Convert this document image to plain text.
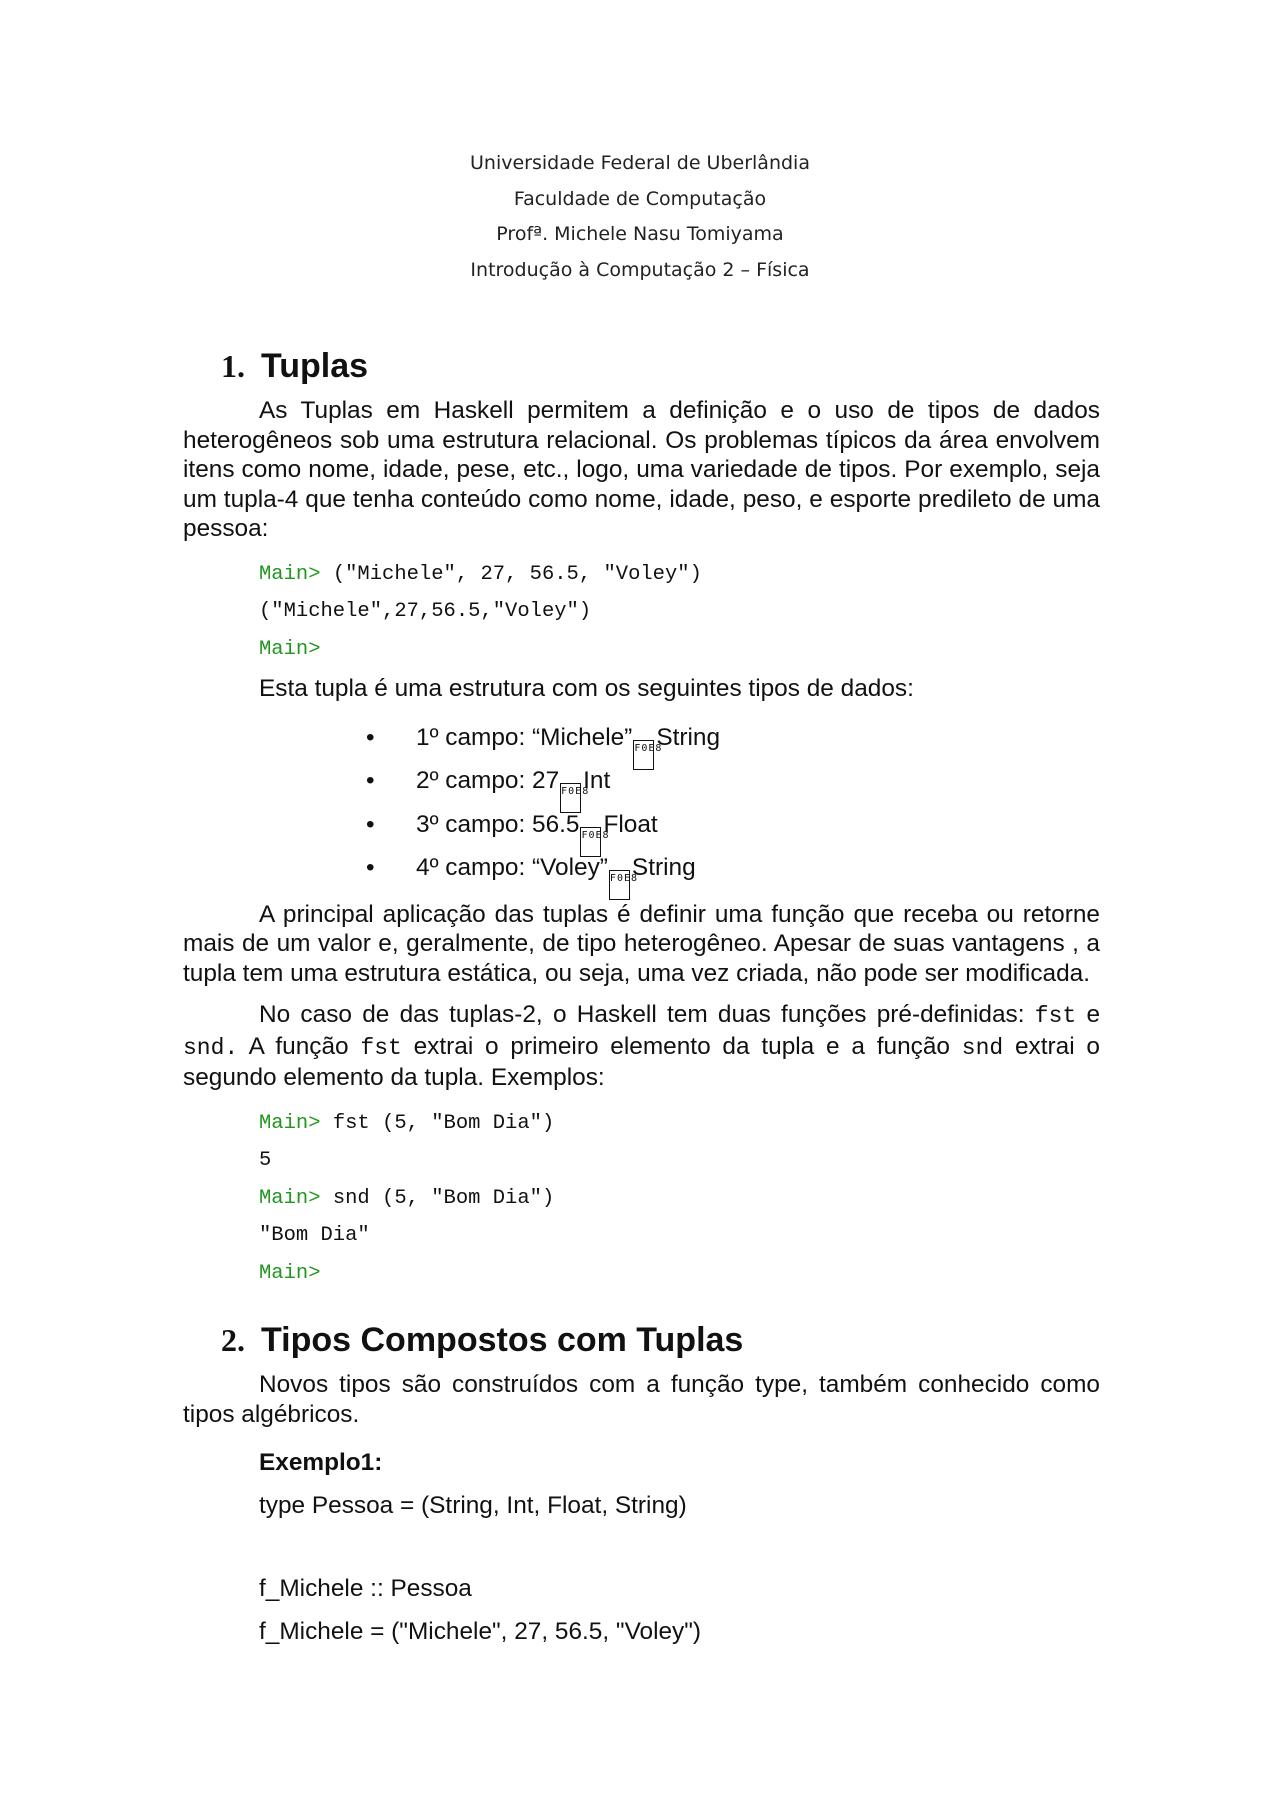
Universidade Federal de Uberlândia
Faculdade de Computação
Profª. Michele Nasu Tomiyama
Introdução à Computação 2 – Física
1. Tuplas

As Tuplas em Haskell permitem a definição e o uso de tipos de dados heterogêneos sob uma estrutura relacional. Os problemas típicos da área envolvem itens como nome, idade, pese, etc., logo, uma variedade de tipos. Por exemplo, seja um tupla-4 que tenha conteúdo como nome, idade, peso, e esporte predileto de uma pessoa:

Main> ("Michele", 27, 56.5, "Voley")
("Michele",27,56.5,"Voley")
Main>
Esta tupla é uma estrutura com os seguintes tipos de dados:
• 1º campo: “Michele” F0E8String
• 2º campo: 27 F0E8Int
• 3º campo: 56.5 F0E8Float
• 4º campo: “Voley” F0E8String

A principal aplicação das tuplas é definir uma função que receba ou retorne mais de um valor e, geralmente, de tipo heterogêneo. Apesar de suas vantagens , a tupla tem uma estrutura estática, ou seja, uma vez criada, não pode ser modificada.

No caso de das tuplas-2, o Haskell tem duas funções pré-definidas: fst e snd. A função fst extrai o primeiro elemento da tupla e a função snd extrai o segundo elemento da tupla. Exemplos:

Main> fst (5, "Bom Dia")
5
Main> snd (5, "Bom Dia")
"Bom Dia"
Main>
2. Tipos Compostos com Tuplas

Novos tipos são construídos com a função type, também conhecido como tipos algébricos.

Exemplo1:
type Pessoa = (String, Int, Float, String)
f_Michele :: Pessoa
f_Michele = ("Michele", 27, 56.5, "Voley")
